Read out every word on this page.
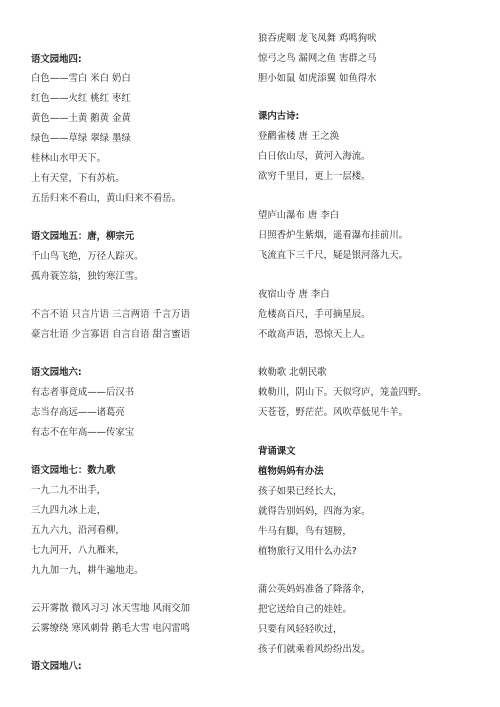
语文园地四:
白色——雪白 米白 奶白
红色——火红 桃红 枣红
黄色——土黄 鹅黄 金黄
绿色——草绿 翠绿 墨绿
桂林山水甲天下。
上有天堂，下有苏杭。
五岳归来不看山，黄山归来不看岳。
语文园地五：唐，柳宗元
千山鸟飞绝，万径人踪灭。
孤舟蓑笠翁，独钓寒江雪。
不言不语 只言片语 三言两语 千言万语
豪言壮语 少言寡语 自言自语 甜言蜜语
语文园地六:
有志者事竟成——后汉书
志当存高远——诸葛亮
有志不在年高——传家宝
语文园地七：数九歌
一九二九不出手，
三九四九冰上走，
五九六九，沿河看柳，
七九河开，八九雁来，
九九加一九，耕牛遍地走。
云开雾散 微风习习 冰天雪地 风雨交加
云雾缭绕 寒风刺骨 鹅毛大雪 电闪雷鸣
语文园地八:
狼吞虎咽 龙飞凤舞 鸡鸣狗吠
惊弓之鸟 漏网之鱼 害群之马
胆小如鼠 如虎添翼 如鱼得水
课内古诗:
登鹳雀楼 唐 王之涣
白日依山尽，黄河入海流。
欲穷千里目，更上一层楼。
望庐山瀑布 唐 李白
日照香炉生紫烟，遥看瀑布挂前川。
飞流直下三千尺，疑是银河落九天。
夜宿山寺 唐 李白
危楼高百尺，手可摘星辰。
不敢高声语，恐惊天上人。
敕勒歌 北朝民歌
敕勒川，阴山下。天似穹庐，笼盖四野。
天苍苍，野茫茫。风吹草低见牛羊。
背诵课文
植物妈妈有办法
孩子如果已经长大，
就得告别妈妈，四海为家。
牛马有脚，鸟有翅膀，
植物旅行又用什么办法?
蒲公英妈妈准备了降落伞，
把它送给自己的娃娃。
只要有风轻轻吹过，
孩子们就乘着风纷纷出发。
